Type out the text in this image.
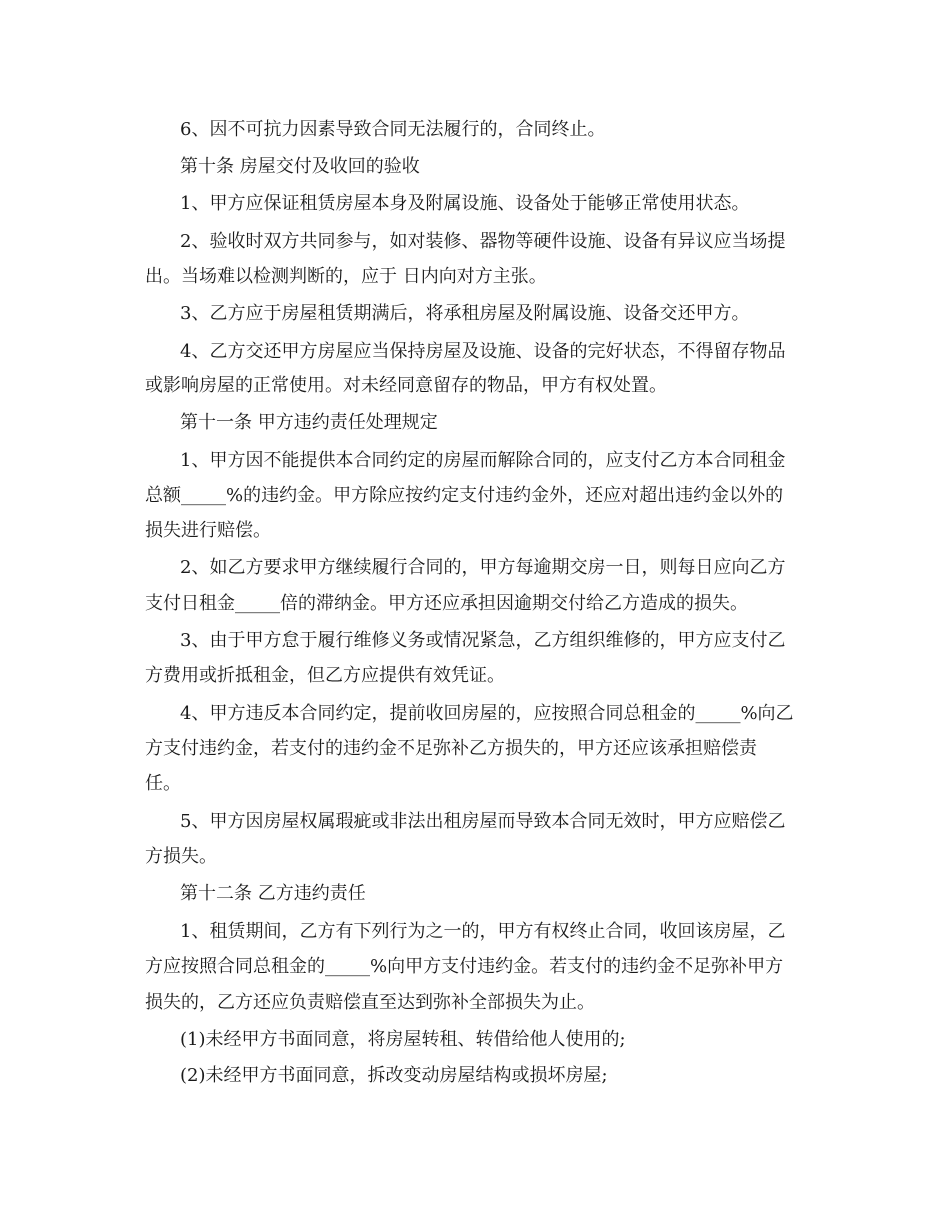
6、因不可抗力因素导致合同无法履行的，合同终止。
第十条 房屋交付及收回的验收
1、甲方应保证租赁房屋本身及附属设施、设备处于能够正常使用状态。
2、验收时双方共同参与，如对装修、器物等硬件设施、设备有异议应当场提
出。当场难以检测判断的，应于 日内向对方主张。
3、乙方应于房屋租赁期满后，将承租房屋及附属设施、设备交还甲方。
4、乙方交还甲方房屋应当保持房屋及设施、设备的完好状态，不得留存物品
或影响房屋的正常使用。对未经同意留存的物品，甲方有权处置。
第十一条 甲方违约责任处理规定
1、甲方因不能提供本合同约定的房屋而解除合同的，应支付乙方本合同租金
总额_____%的违约金。甲方除应按约定支付违约金外，还应对超出违约金以外的
损失进行赔偿。
2、如乙方要求甲方继续履行合同的，甲方每逾期交房一日，则每日应向乙方
支付日租金_____倍的滞纳金。甲方还应承担因逾期交付给乙方造成的损失。
3、由于甲方怠于履行维修义务或情况紧急，乙方组织维修的，甲方应支付乙
方费用或折抵租金，但乙方应提供有效凭证。
4、甲方违反本合同约定，提前收回房屋的，应按照合同总租金的_____%向乙
方支付违约金，若支付的违约金不足弥补乙方损失的，甲方还应该承担赔偿责
任。
5、甲方因房屋权属瑕疵或非法出租房屋而导致本合同无效时，甲方应赔偿乙
方损失。
第十二条 乙方违约责任
1、租赁期间，乙方有下列行为之一的，甲方有权终止合同，收回该房屋，乙
方应按照合同总租金的_____%向甲方支付违约金。若支付的违约金不足弥补甲方
损失的，乙方还应负责赔偿直至达到弥补全部损失为止。
(1)未经甲方书面同意，将房屋转租、转借给他人使用的;
(2)未经甲方书面同意，拆改变动房屋结构或损坏房屋;
